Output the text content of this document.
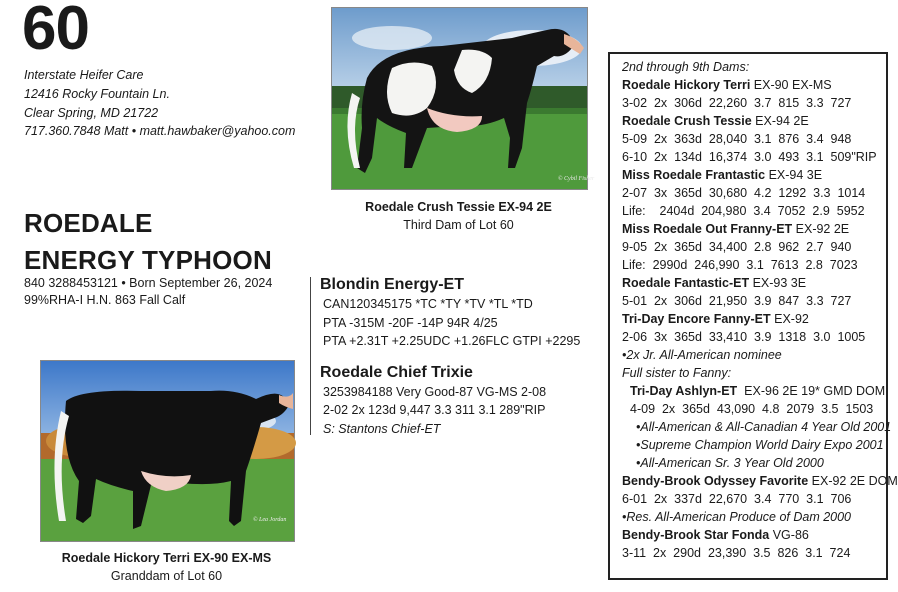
60
Interstate Heifer Care
12416 Rocky Fountain Ln.
Clear Spring, MD 21722
717.360.7848 Matt • matt.hawbaker@yahoo.com
ROEDALE
ENERGY TYPHOON
840 3288453121 • Born September 26, 2024
99%RHA-I H.N. 863 Fall Calf
© Cybil Fisher
Roedale Crush Tessie EX-94 2E
Third Dam of Lot 60
© Lea Jordan
Roedale Hickory Terri EX-90 EX-MS
Granddam of Lot 60
Blondin Energy-ET
CAN120345175 *TC *TY *TV *TL *TD
PTA -315M -20F -14P 94R 4/25
PTA +2.31T +2.25UDC +1.26FLC GTPI +2295
Roedale Chief Trixie
3253984188 Very Good-87 VG-MS 2-08
2-02 2x 123d 9,447 3.3 311 3.1 289"RIP
S: Stantons Chief-ET
2nd through 9th Dams:
Roedale Hickory Terri EX-90 EX-MS
3-02  2x  306d  22,260  3.7  815  3.3  727
Roedale Crush Tessie EX-94 2E
5-09  2x  363d  28,040  3.1  876  3.4  948
6-10  2x  134d  16,374  3.0  493  3.1  509"RIP
Miss Roedale Frantastic EX-94 3E
2-07  3x  365d  30,680  4.2  1292  3.3  1014
Life:    2404d  204,980  3.4  7052  2.9  5952
Miss Roedale Out Franny-ET EX-92 2E
9-05  2x  365d  34,400  2.8  962  2.7  940
Life:  2990d  246,990  3.1  7613  2.8  7023
Roedale Fantastic-ET EX-93 3E
5-01  2x  306d  21,950  3.9  847  3.3  727
Tri-Day Encore Fanny-ET EX-92
2-06  3x  365d  33,410  3.9  1318  3.0  1005
•2x Jr. All-American nominee
Full sister to Fanny:
Tri-Day Ashlyn-ET  EX-96 2E 19* GMD DOM
4-09  2x  365d  43,090  4.8  2079  3.5  1503
•All-American & All-Canadian 4 Year Old 2001
•Supreme Champion World Dairy Expo 2001
•All-American Sr. 3 Year Old 2000
Bendy-Brook Odyssey Favorite EX-92 2E DOM
6-01  2x  337d  22,670  3.4  770  3.1  706
•Res. All-American Produce of Dam 2000
Bendy-Brook Star Fonda VG-86
3-11  2x  290d  23,390  3.5  826  3.1  724
